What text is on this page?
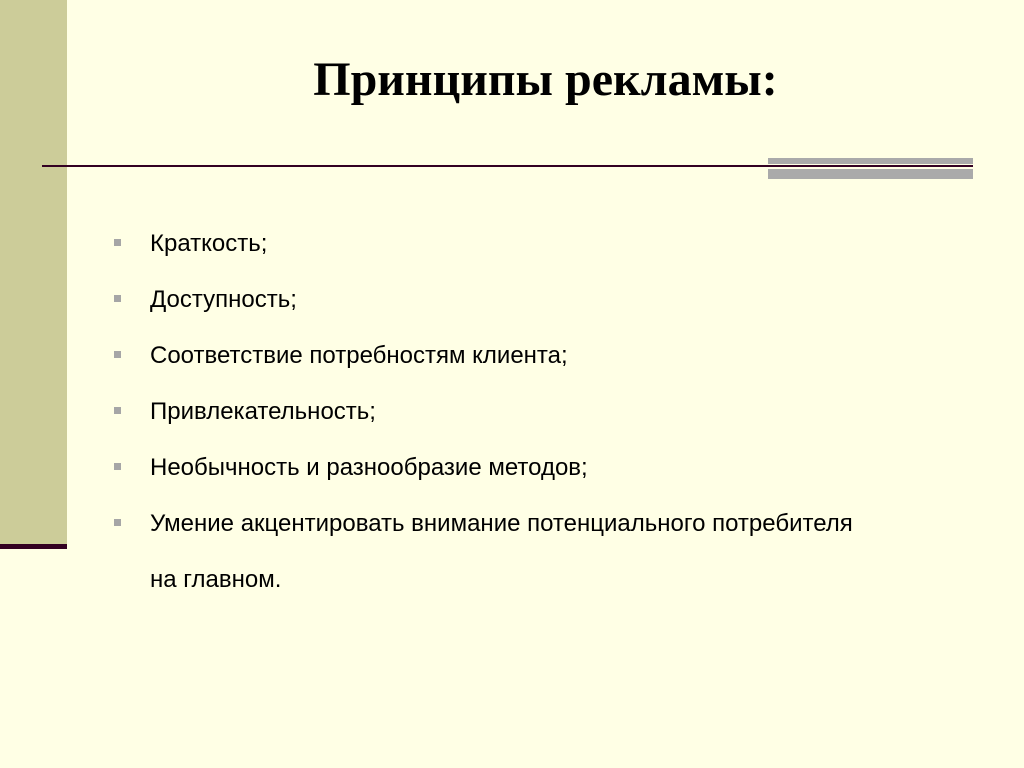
Принципы рекламы:
Краткость;
Доступность;
Соответствие потребностям клиента;
Привлекательность;
Необычность и разнообразие методов;
Умение акцентировать внимание потенциального потребителя на главном.
